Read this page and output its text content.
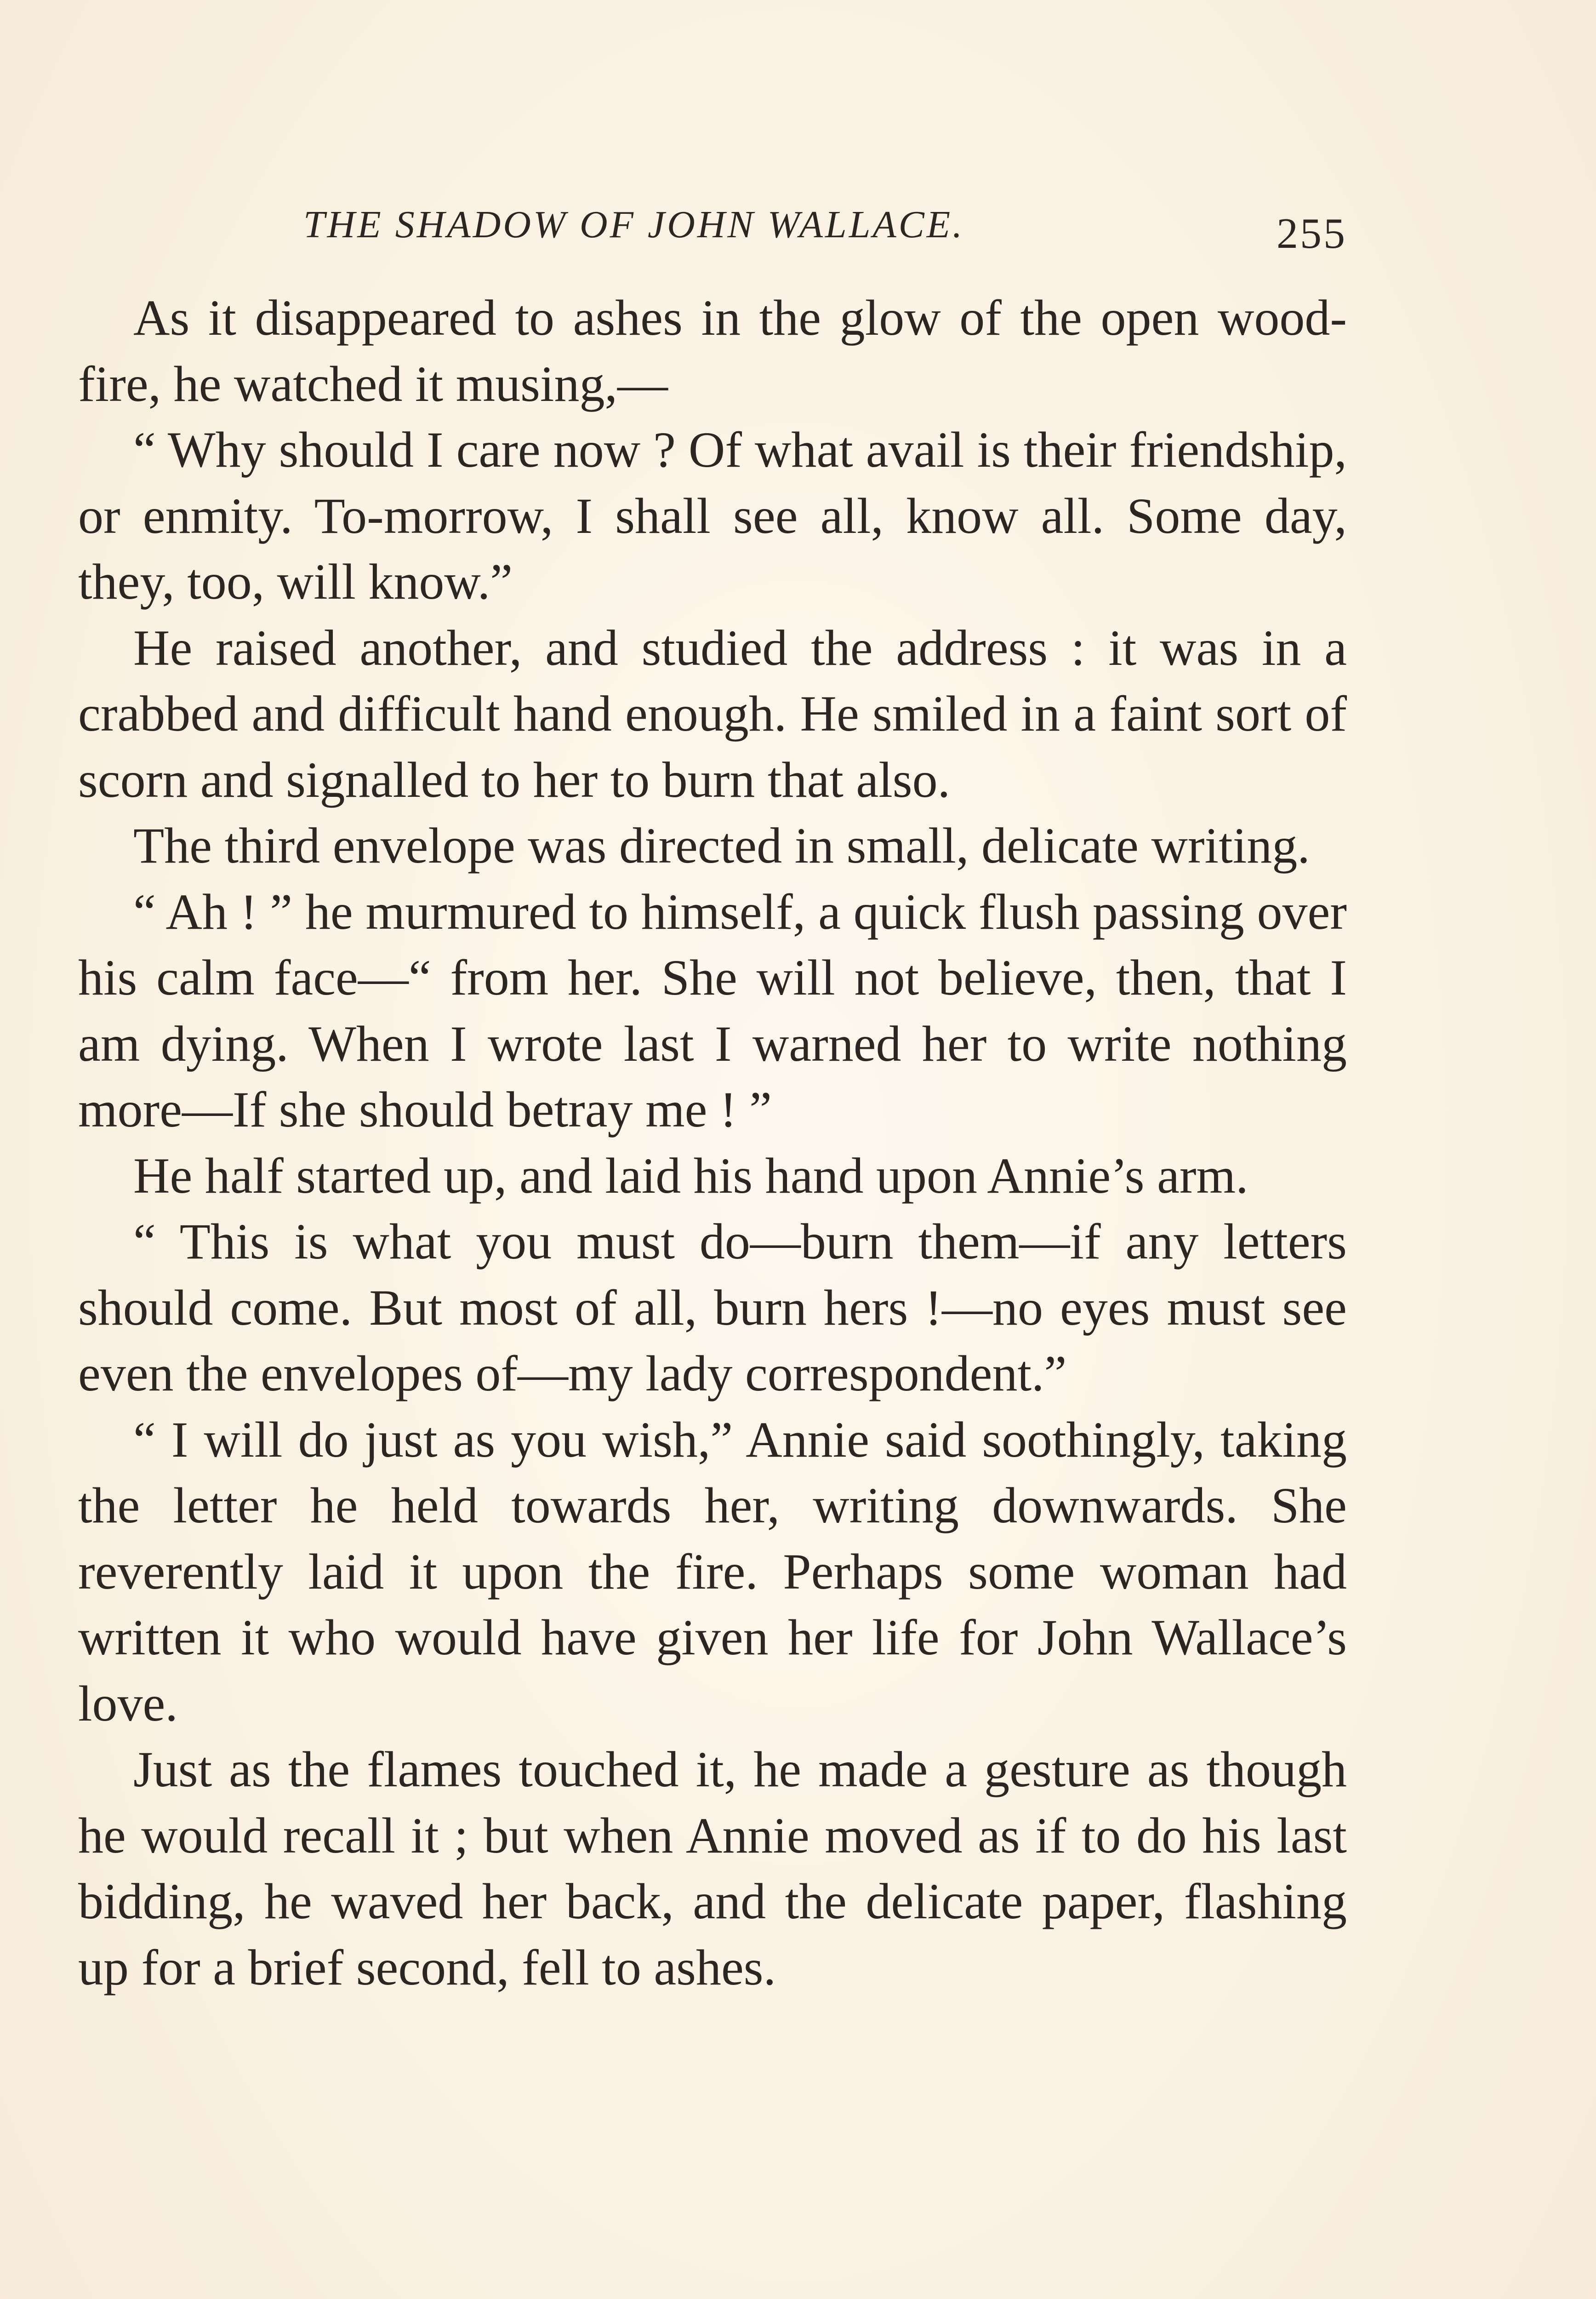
THE SHADOW OF JOHN WALLACE.	255

As it disappeared to ashes in the glow of the open wood-fire, he watched it musing,—

“ Why should I care now ? Of what avail is their friendship, or enmity. To-morrow, I shall see all, know all. Some day, they, too, will know.”

He raised another, and studied the address : it was in a crabbed and difficult hand enough. He smiled in a faint sort of scorn and signalled to her to burn that also.

The third envelope was directed in small, delicate writing.

“ Ah ! ” he murmured to himself, a quick flush passing over his calm face—“ from her. She will not believe, then, that I am dying. When I wrote last I warned her to write nothing more—If she should betray me ! ”

He half started up, and laid his hand upon Annie’s arm.

“ This is what you must do—burn them—if any letters should come. But most of all, burn hers !—no eyes must see even the envelopes of—my lady correspondent.”

“ I will do just as you wish,” Annie said soothingly, taking the letter he held towards her, writing downwards. She reverently laid it upon the fire. Perhaps some woman had written it who would have given her life for John Wallace’s love.

Just as the flames touched it, he made a gesture as though he would recall it ; but when Annie moved as if to do his last bidding, he waved her back, and the delicate paper, flashing up for a brief second, fell to ashes.
